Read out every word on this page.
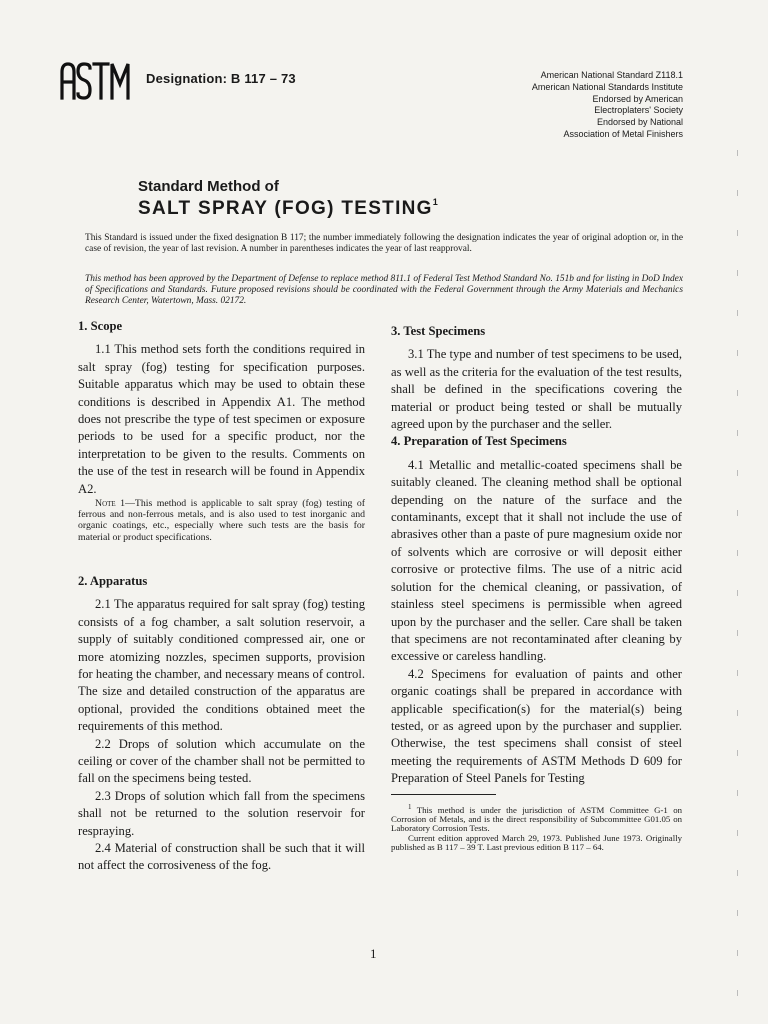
Designation: B 117 – 73	American National Standard Z118.1
American National Standards Institute
Endorsed by American
Electroplaters' Society
Endorsed by National
Association of Metal Finishers
Standard Method of
SALT SPRAY (FOG) TESTING$^1$
This Standard is issued under the fixed designation B 117; the number immediately following the designation indicates the year of original adoption or, in the case of revision, the year of last revision. A number in parentheses indicates the year of last reapproval.
This method has been approved by the Department of Defense to replace method 811.1 of Federal Test Method Standard No. 151b and for listing in DoD Index of Specifications and Standards. Future proposed revisions should be coordinated with the Federal Government through the Army Materials and Mechanics Research Center, Watertown, Mass. 02172.
1. Scope

1.1 This method sets forth the conditions required in salt spray (fog) testing for specification purposes. Suitable apparatus which may be used to obtain these conditions is described in Appendix A1. The method does not prescribe the type of test specimen or exposure periods to be used for a specific product, nor the interpretation to be given to the results. Comments on the use of the test in research will be found in Appendix A2.

Note 1—This method is applicable to salt spray (fog) testing of ferrous and non-ferrous metals, and is also used to test inorganic and organic coatings, etc., especially where such tests are the basis for material or product specifications.

2. Apparatus

2.1 The apparatus required for salt spray (fog) testing consists of a fog chamber, a salt solution reservoir, a supply of suitably conditioned compressed air, one or more atomizing nozzles, specimen supports, provision for heating the chamber, and necessary means of control. The size and detailed construction of the apparatus are optional, provided the conditions obtained meet the requirements of this method.

2.2 Drops of solution which accumulate on the ceiling or cover of the chamber shall not be permitted to fall on the specimens being tested.

2.3 Drops of solution which fall from the specimens shall not be returned to the solution reservoir for respraying.

2.4 Material of construction shall be such that it will not affect the corrosiveness of the fog.

3. Test Specimens

3.1 The type and number of test specimens to be used, as well as the criteria for the evaluation of the test results, shall be defined in the specifications covering the material or product being tested or shall be mutually agreed upon by the purchaser and the seller.

4. Preparation of Test Specimens

4.1 Metallic and metallic-coated specimens shall be suitably cleaned. The cleaning method shall be optional depending on the nature of the surface and the contaminants, except that it shall not include the use of abrasives other than a paste of pure magnesium oxide nor of solvents which are corrosive or will deposit either corrosive or protective films. The use of a nitric acid solution for the chemical cleaning, or passivation, of stainless steel specimens is permissible when agreed upon by the purchaser and the seller. Care shall be taken that specimens are not recontaminated after cleaning by excessive or careless handling.

4.2 Specimens for evaluation of paints and other organic coatings shall be prepared in accordance with applicable specification(s) for the material(s) being tested, or as agreed upon by the purchaser and supplier. Otherwise, the test specimens shall consist of steel meeting the requirements of ASTM Methods D 609 for Preparation of Steel Panels for Testing

$^1$ This method is under the jurisdiction of ASTM Committee G-1 on Corrosion of Metals, and is the direct responsibility of Subcommittee G01.05 on Laboratory Corrosion Tests.

Current edition approved March 29, 1973. Published June 1973. Originally published as B 117 – 39 T. Last previous edition B 117 – 64.

1
